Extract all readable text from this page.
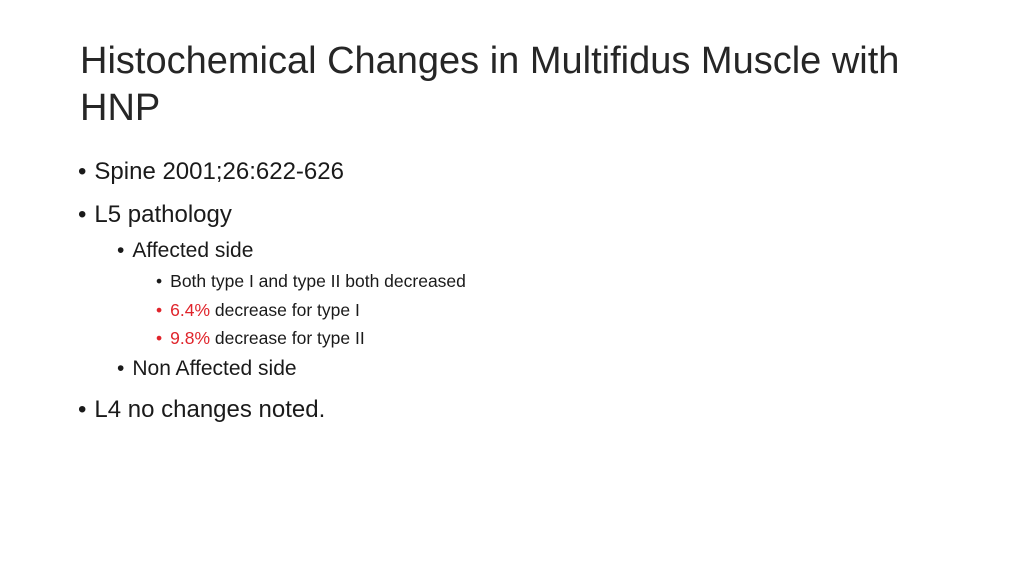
Histochemical Changes in Multifidus Muscle with HNP
• Spine 2001;26:622-626
• L5 pathology
• Affected side
• Both type I and type II both decreased
• 6.4% decrease for type I
• 9.8% decrease for type II
• Non Affected side
• L4 no changes noted.
